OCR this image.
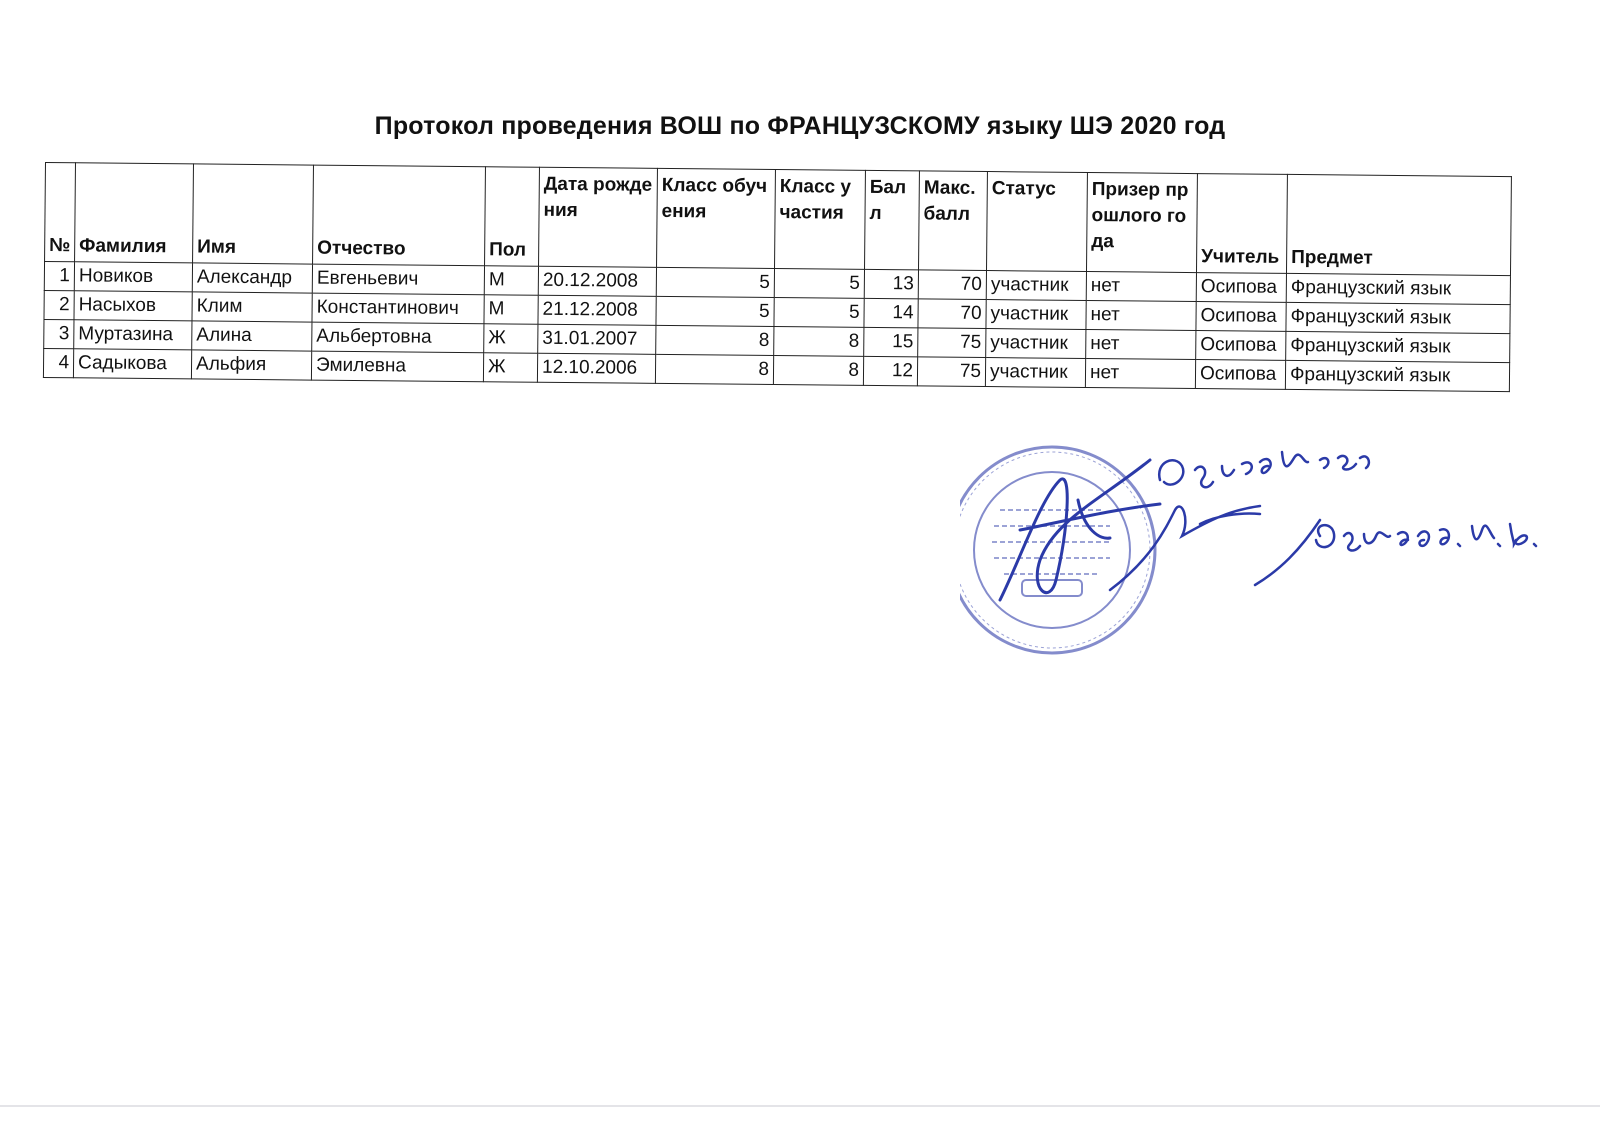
Протокол проведения ВОШ по ФРАНЦУЗСКОМУ языку ШЭ 2020 год
№	Фамилия	Имя	Отчество	Пол	Дата рождения	Класс обучения	Класс участия	Балл	Макс. балл	Статус	Призер прошлого года	Учитель	Предмет
1	Новиков	Александр	Евгеньевич	М	20.12.2008	5	5	13	70	участник	нет	Осипова	Французский язык
2	Насыхов	Клим	Константинович	М	21.12.2008	5	5	14	70	участник	нет	Осипова	Французский язык
3	Муртазина	Алина	Альбертовна	Ж	31.01.2007	8	8	15	75	участник	нет	Осипова	Французский язык
4	Садыкова	Альфия	Эмилевна	Ж	12.10.2006	8	8	12	75	участник	нет	Осипова	Французский язык
